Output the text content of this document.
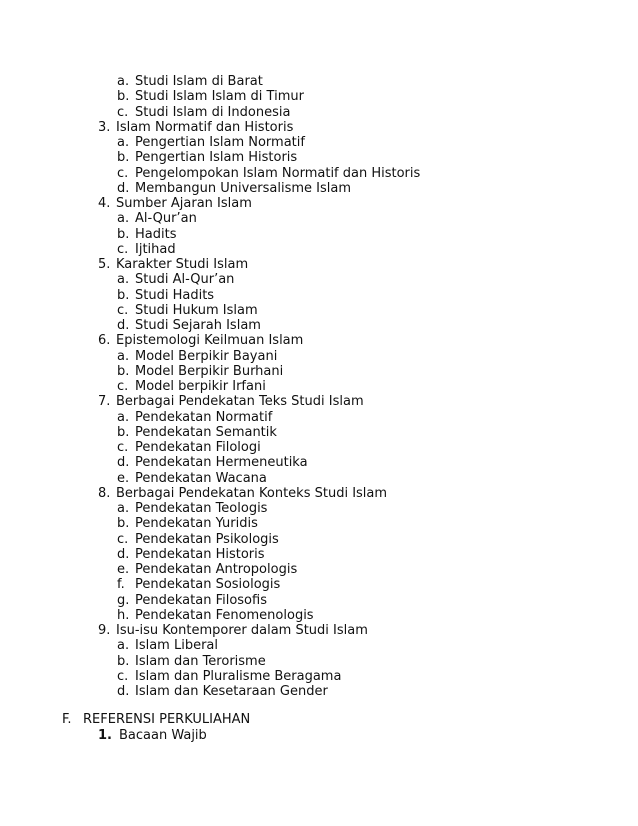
a. Studi Islam di Barat
b. Studi Islam Islam di Timur
c. Studi Islam di Indonesia
3. Islam Normatif dan Historis
a. Pengertian Islam Normatif
b. Pengertian Islam Historis
c. Pengelompokan Islam Normatif dan Historis
d. Membangun Universalisme Islam
4. Sumber Ajaran Islam
a. Al-Qur’an
b. Hadits
c. Ijtihad
5. Karakter Studi Islam
a. Studi Al-Qur’an
b. Studi Hadits
c. Studi Hukum Islam
d. Studi Sejarah Islam
6. Epistemologi Keilmuan Islam
a. Model Berpikir Bayani
b. Model Berpikir Burhani
c. Model berpikir Irfani
7. Berbagai Pendekatan Teks Studi Islam
a. Pendekatan Normatif
b. Pendekatan Semantik
c. Pendekatan Filologi
d. Pendekatan Hermeneutika
e. Pendekatan Wacana
8. Berbagai Pendekatan Konteks Studi Islam
a. Pendekatan Teologis
b. Pendekatan Yuridis
c. Pendekatan Psikologis
d. Pendekatan Historis
e. Pendekatan Antropologis
f. Pendekatan Sosiologis
g. Pendekatan Filosofis
h. Pendekatan Fenomenologis
9. Isu-isu Kontemporer dalam Studi Islam
a. Islam Liberal
b. Islam dan Terorisme
c. Islam dan Pluralisme Beragama
d. Islam dan Kesetaraan Gender
F. REFERENSI PERKULIAHAN
1. Bacaan Wajib
